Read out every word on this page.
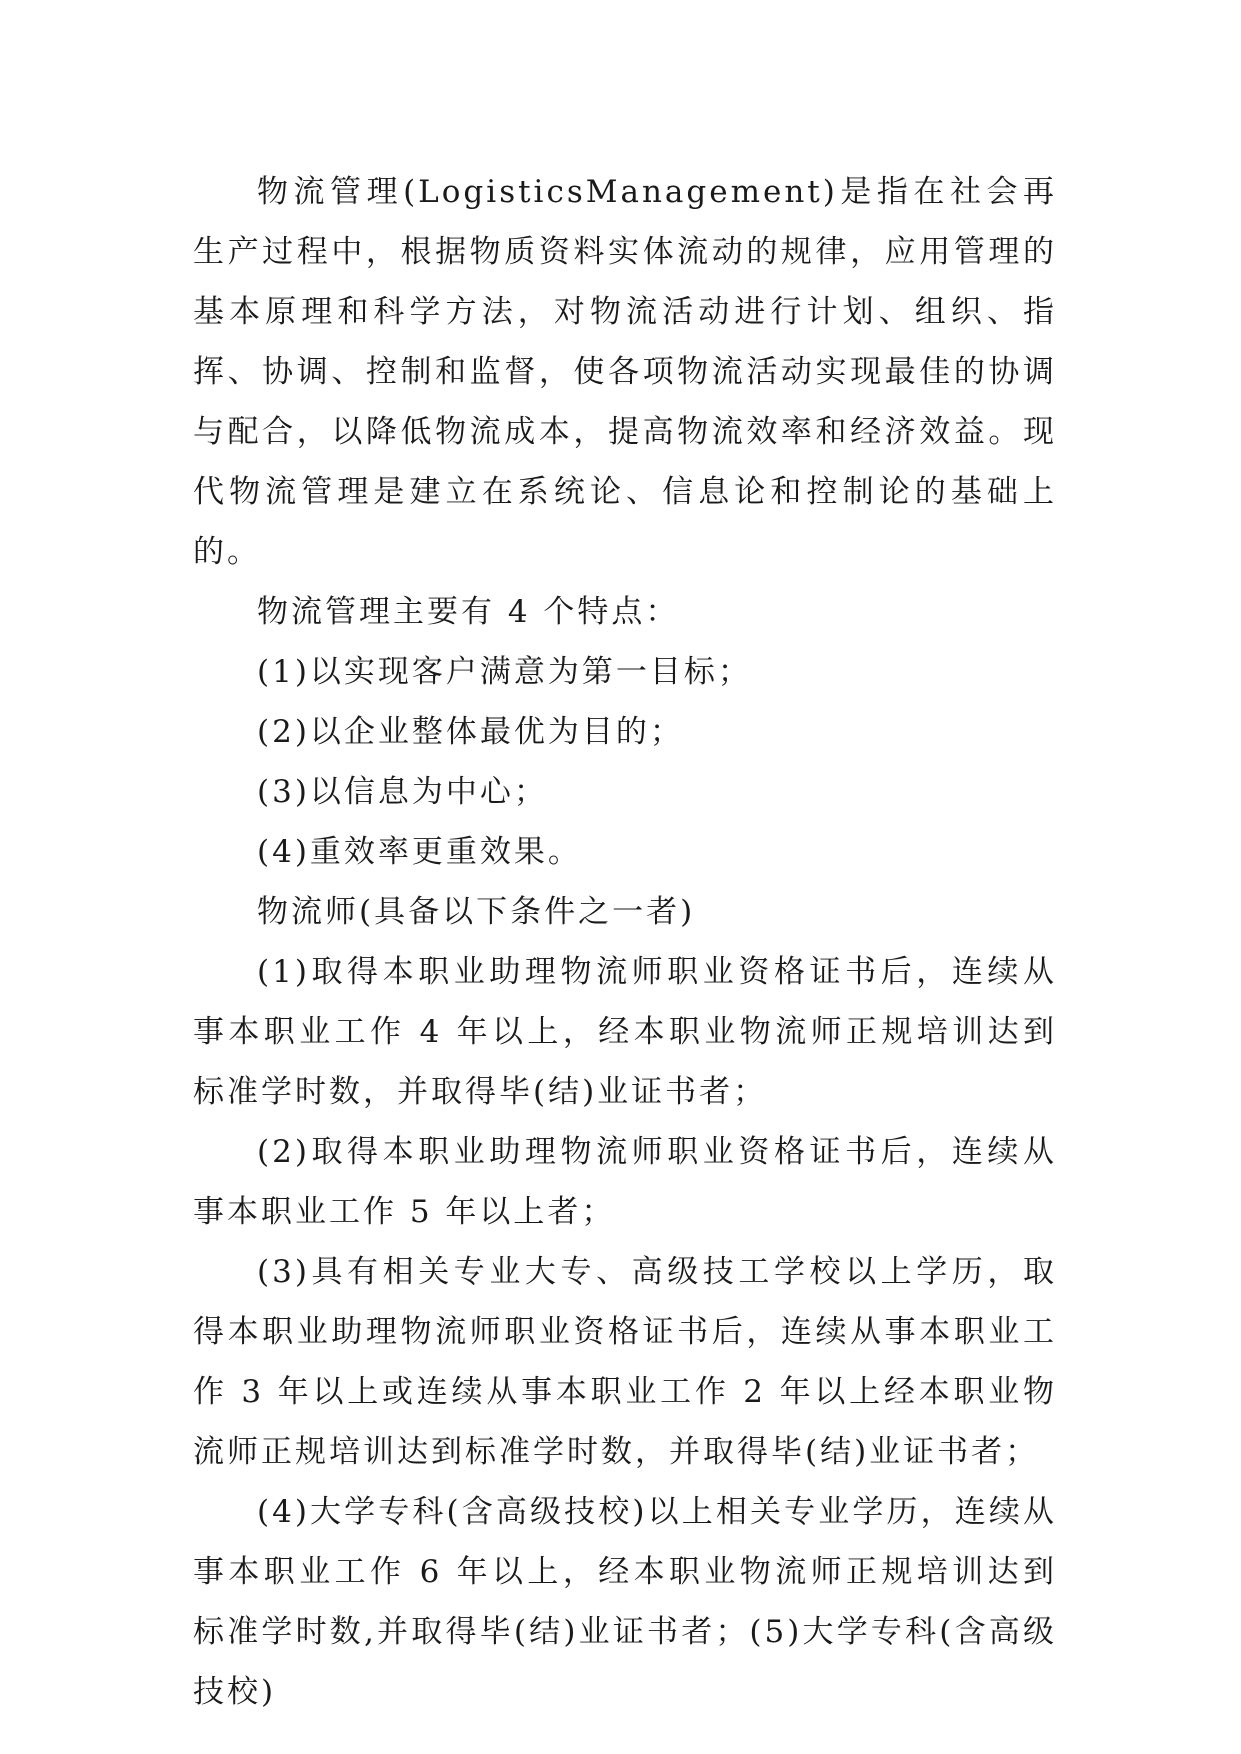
物流管理(LogisticsManagement)是指在社会再生产过程中，根据物质资料实体流动的规律，应用管理的基本原理和科学方法，对物流活动进行计划、组织、指挥、协调、控制和监督，使各项物流活动实现最佳的协调与配合，以降低物流成本，提高物流效率和经济效益。现代物流管理是建立在系统论、信息论和控制论的基础上的。

物流管理主要有 4 个特点：

(1)以实现客户满意为第一目标；

(2)以企业整体最优为目的；

(3)以信息为中心；

(4)重效率更重效果。

物流师(具备以下条件之一者)

(1)取得本职业助理物流师职业资格证书后，连续从事本职业工作 4 年以上，经本职业物流师正规培训达到标准学时数，并取得毕(结)业证书者；

(2)取得本职业助理物流师职业资格证书后，连续从事本职业工作 5 年以上者；

(3)具有相关专业大专、高级技工学校以上学历，取得本职业助理物流师职业资格证书后，连续从事本职业工作 3 年以上或连续从事本职业工作 2 年以上经本职业物流师正规培训达到标准学时数，并取得毕(结)业证书者；

(4)大学专科(含高级技校)以上相关专业学历，连续从事本职业工作 6 年以上，经本职业物流师正规培训达到标准学时数,并取得毕(结)业证书者；(5)大学专科(含高级技校)
